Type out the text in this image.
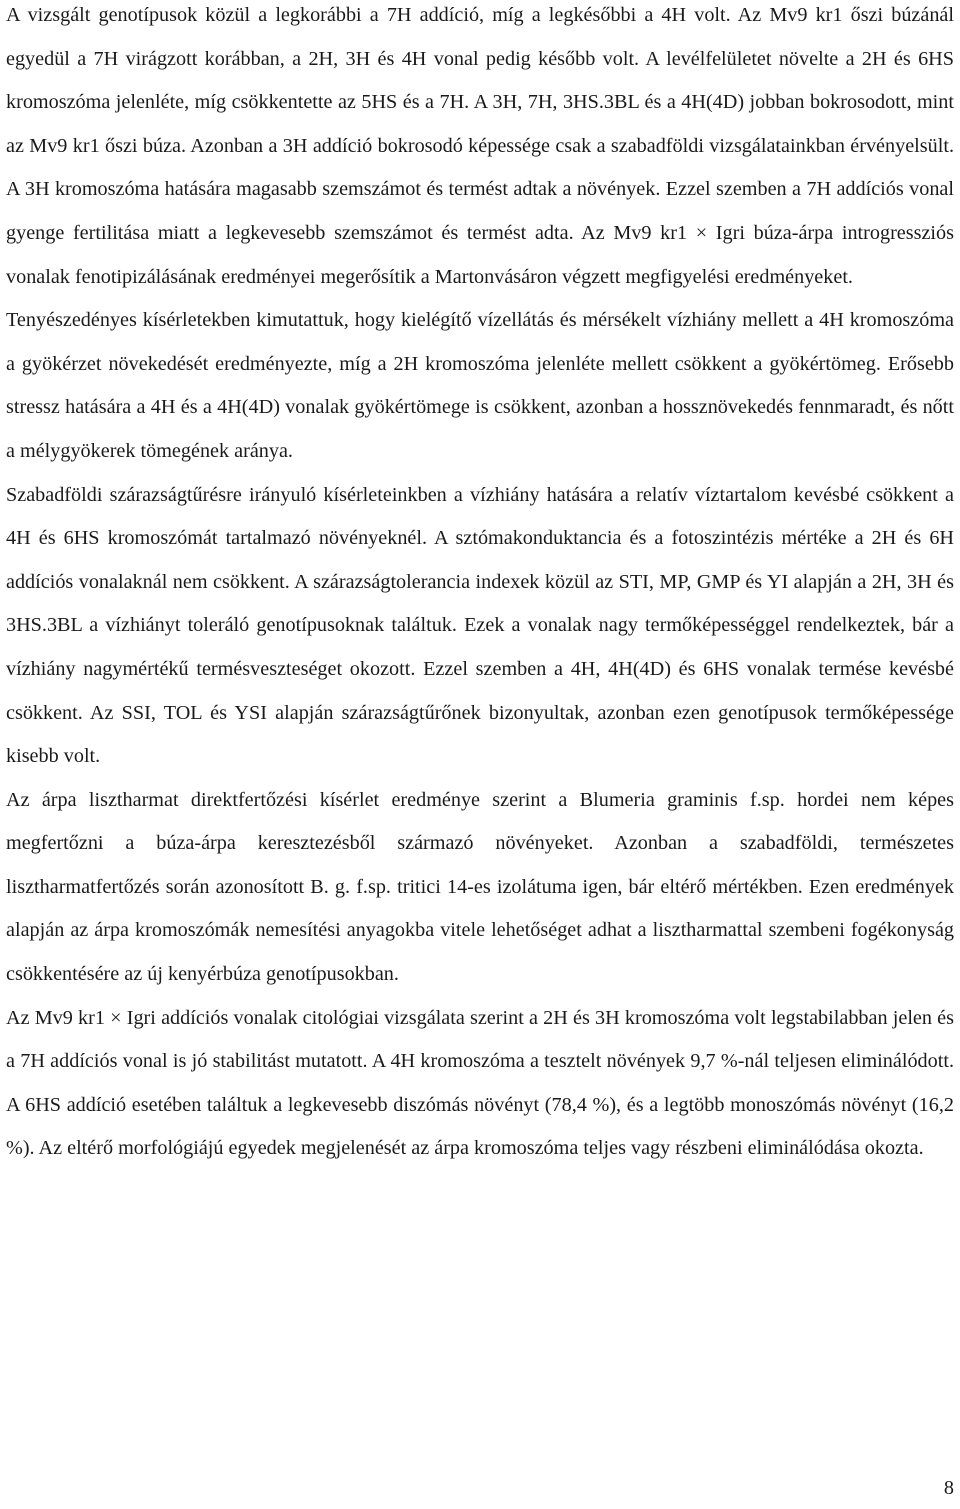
A vizsgált genotípusok közül a legkorábbi a 7H addíció, míg a legkésőbbi a 4H volt. Az Mv9 kr1 őszi búzánál egyedül a 7H virágzott korábban, a 2H, 3H és 4H vonal pedig később volt. A levélfelületet növelte a 2H és 6HS kromoszóma jelenléte, míg csökkentette az 5HS és a 7H. A 3H, 7H, 3HS.3BL és a 4H(4D) jobban bokrosodott, mint az Mv9 kr1 őszi búza. Azonban a 3H addíció bokrosodó képessége csak a szabadföldi vizsgálatainkban érvényelsült. A 3H kromoszóma hatására magasabb szemszámot és termést adtak a növények. Ezzel szemben a 7H addíciós vonal gyenge fertilitása miatt a legkevesebb szemszámot és termést adta. Az Mv9 kr1 × Igri búza-árpa introgressziós vonalak fenotipizálásának eredményei megerősítik a Martonvásáron végzett megfigyelési eredményeket.

Tenyészedényes kísérletekben kimutattuk, hogy kielégítő vízellátás és mérsékelt vízhiány mellett a 4H kromoszóma a gyökérzet növekedését eredményezte, míg a 2H kromoszóma jelenléte mellett csökkent a gyökértömeg. Erősebb stressz hatására a 4H és a 4H(4D) vonalak gyökértömege is csökkent, azonban a hossznövekedés fennmaradt, és nőtt a mélygyökerek tömegének aránya.

Szabadföldi szárazságtűrésre irányuló kísérleteinkben a vízhiány hatására a relatív víztartalom kevésbé csökkent a 4H és 6HS kromoszómát tartalmazó növényeknél. A sztómakonduktancia és a fotoszintézis mértéke a 2H és 6H addíciós vonalaknál nem csökkent. A szárazságtolerancia indexek közül az STI, MP, GMP és YI alapján a 2H, 3H és 3HS.3BL a vízhiányt toleráló genotípusoknak találtuk. Ezek a vonalak nagy termőképességgel rendelkeztek, bár a vízhiány nagymértékű termésveszteséget okozott. Ezzel szemben a 4H, 4H(4D) és 6HS vonalak termése kevésbé csökkent. Az SSI, TOL és YSI alapján szárazságtűrőnek bizonyultak, azonban ezen genotípusok termőképessége kisebb volt.

Az árpa lisztharmat direktfertőzési kísérlet eredménye szerint a Blumeria graminis f.sp. hordei nem képes megfertőzni a búza-árpa keresztezésből származó növényeket. Azonban a szabadföldi, természetes lisztharmatfertőzés során azonosított B. g. f.sp. tritici 14-es izolátuma igen, bár eltérő mértékben. Ezen eredmények alapján az árpa kromoszómák nemesítési anyagokba vitele lehetőséget adhat a lisztharmattal szembeni fogékonyság csökkentésére az új kenyérbúza genotípusokban.

Az Mv9 kr1 × Igri addíciós vonalak citológiai vizsgálata szerint a 2H és 3H kromoszóma volt legstabilabban jelen és a 7H addíciós vonal is jó stabilitást mutatott. A 4H kromoszóma a tesztelt növények 9,7 %-nál teljesen eliminálódott. A 6HS addíció esetében találtuk a legkevesebb diszómás növényt (78,4 %), és a legtöbb monoszómás növényt (16,2 %). Az eltérő morfológiájú egyedek megjelenését az árpa kromoszóma teljes vagy részbeni eliminálódása okozta.

8
